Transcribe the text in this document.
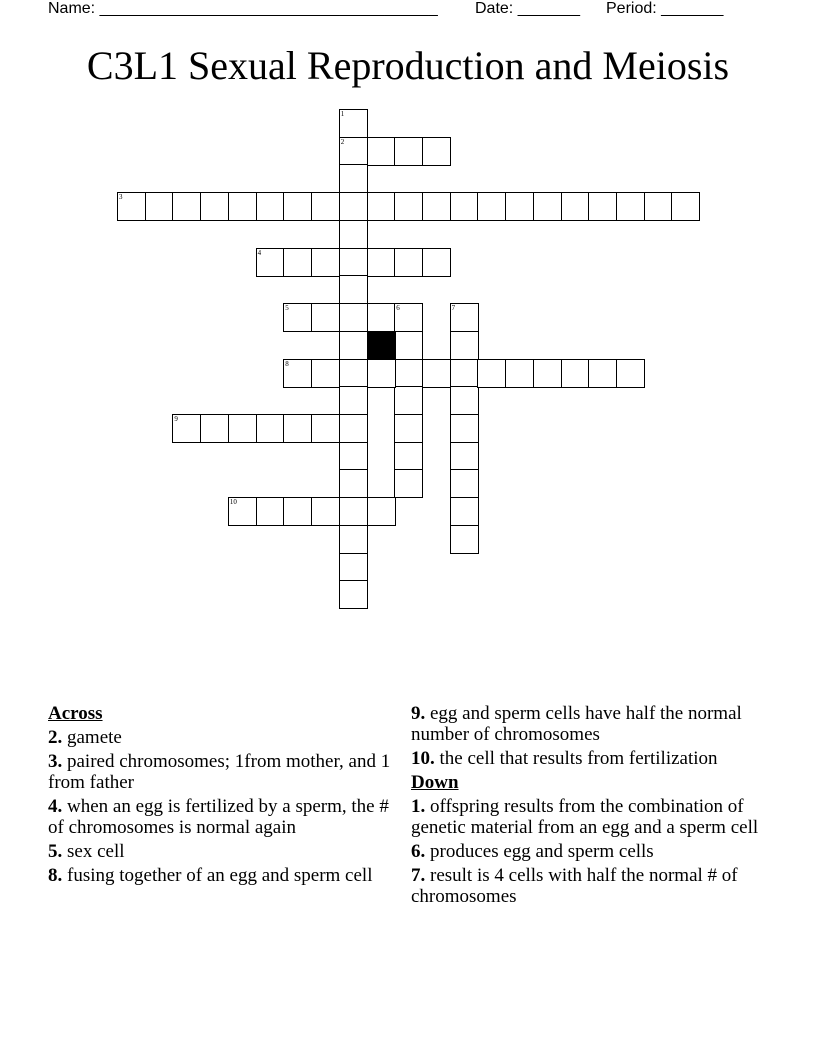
Name: ______________________________________ Date: _______ Period: _______
C3L1 Sexual Reproduction and Meiosis
1
2
3
4
5	6	7
8
9
10
Across
2. gamete
3. paired chromosomes; 1from mother, and 1 from father
4. when an egg is fertilized by a sperm, the # of chromosomes is normal again
5. sex cell
8. fusing together of an egg and sperm cell
9. egg and sperm cells have half the normal number of chromosomes
10. the cell that results from fertilization
Down
1. offspring results from the combination of genetic material from an egg and a sperm cell
6. produces egg and sperm cells
7. result is 4 cells with half the normal # of chromosomes
